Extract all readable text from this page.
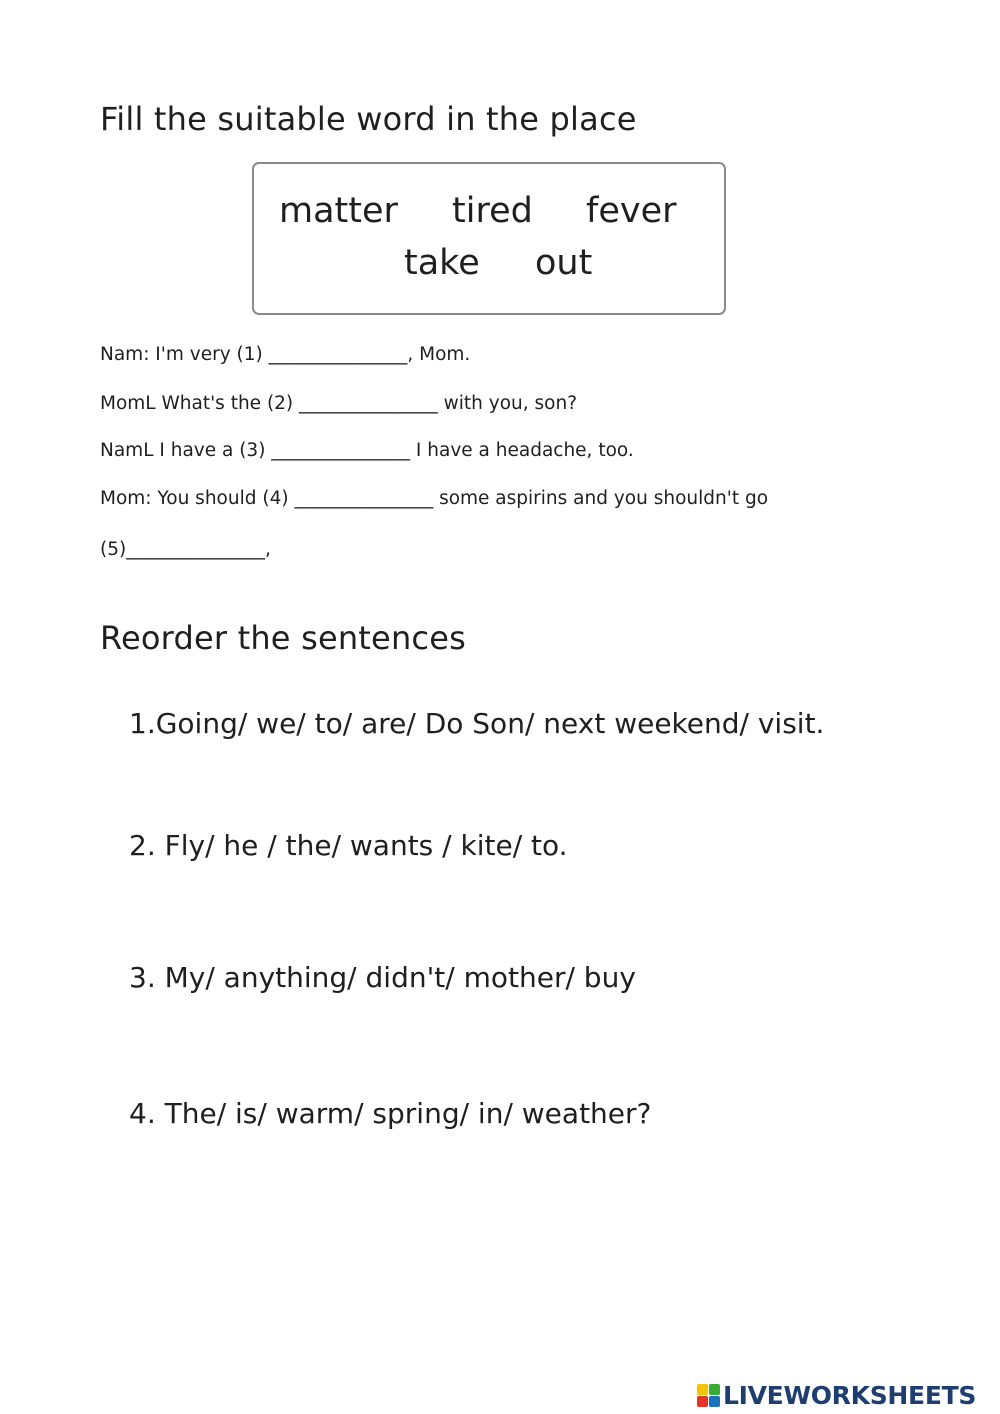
Fill the suitable word in the place
matter tired fever
take out

Nam: I'm very (1) _______________, Mom.

MomL What's the (2) _______________ with you, son?

NamL I have a (3) _______________ I have a headache, too.

Mom: You should (4) _______________ some aspirins and you shouldn't go

(5)_______________,

Reorder the sentences

1.Going/ we/ to/ are/ Do Son/ next weekend/ visit.

2. Fly/ he / the/ wants / kite/ to.

3. My/ anything/ didn't/ mother/ buy

4. The/ is/ warm/ spring/ in/ weather?

LIVEWORKSHEETS
